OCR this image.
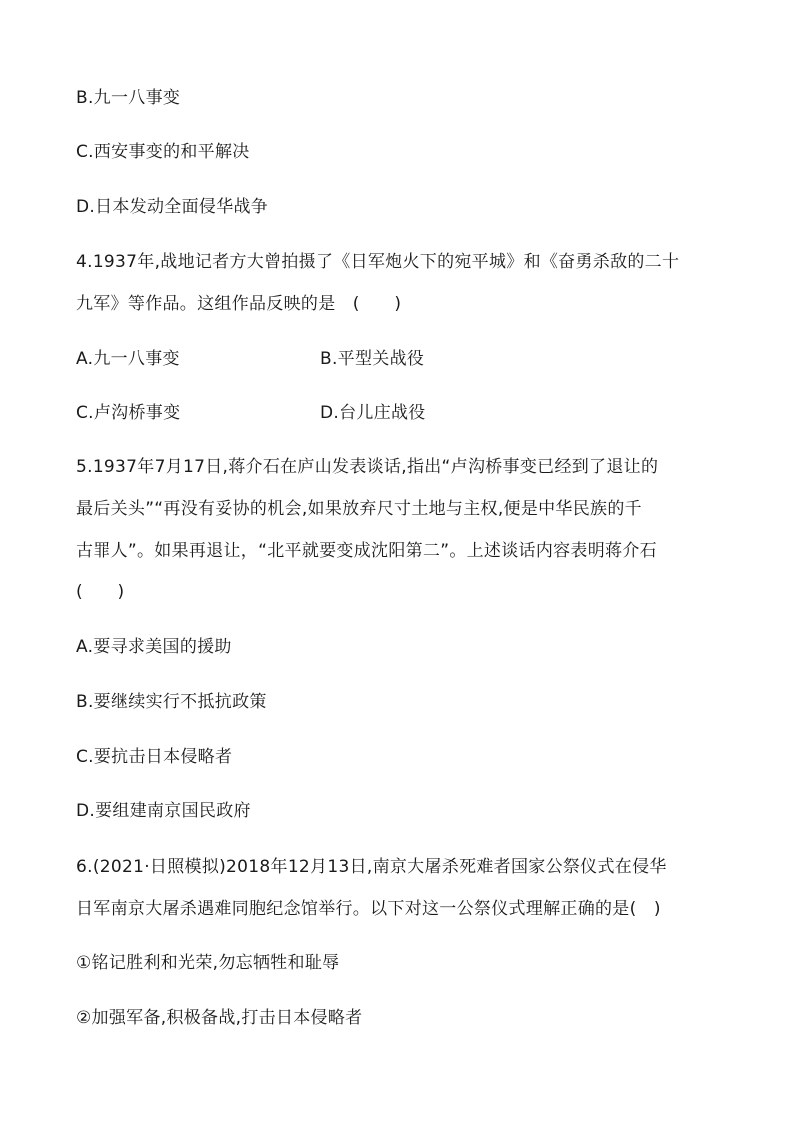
B.九一八事变
C.西安事变的和平解决
D.日本发动全面侵华战争
4.1937年,战地记者方大曾拍摄了《日军炮火下的宛平城》和《奋勇杀敌的二十
九军》等作品。这组作品反映的是　(　　)
A.九一八事变	B.平型关战役
C.卢沟桥事变	D.台儿庄战役
5.1937年7月17日,蒋介石在庐山发表谈话,指出“卢沟桥事变已经到了退让的
最后关头”“再没有妥协的机会,如果放弃尺寸土地与主权,便是中华民族的千
古罪人”。如果再退让，“北平就要变成沈阳第二”。上述谈话内容表明蒋介石
(　　)
A.要寻求美国的援助
B.要继续实行不抵抗政策
C.要抗击日本侵略者
D.要组建南京国民政府
6.(2021·日照模拟)2018年12月13日,南京大屠杀死难者国家公祭仪式在侵华
日军南京大屠杀遇难同胞纪念馆举行。以下对这一公祭仪式理解正确的是(　)
①铭记胜利和光荣,勿忘牺牲和耻辱
②加强军备,积极备战,打击日本侵略者
